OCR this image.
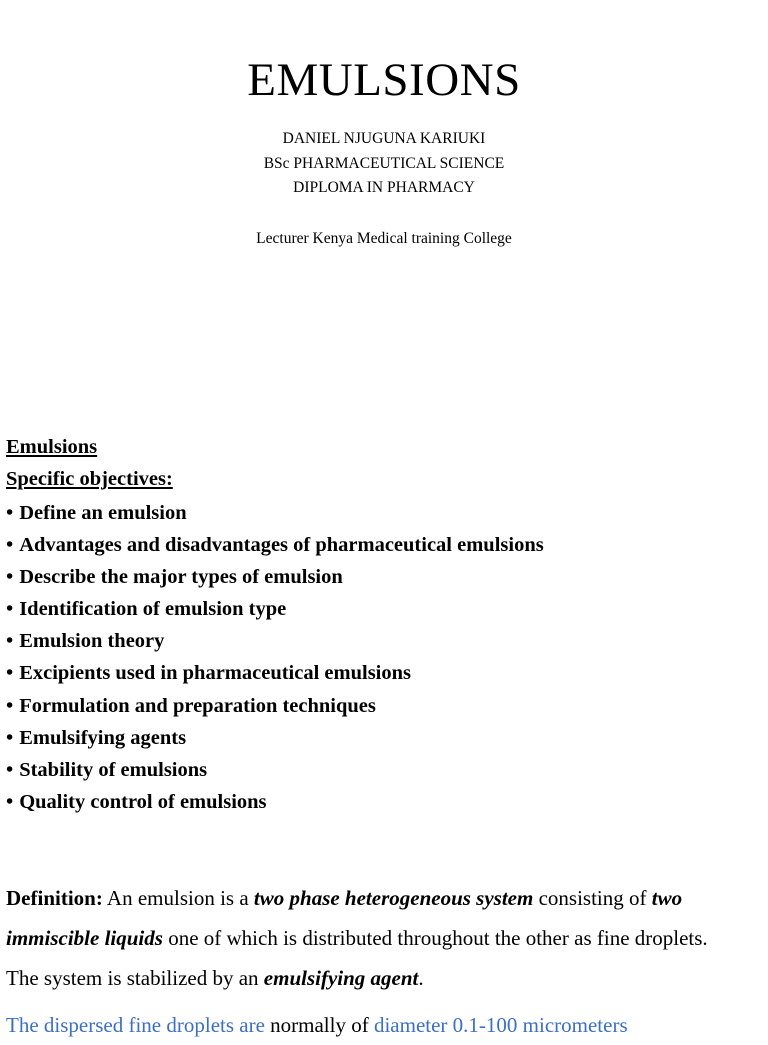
EMULSIONS
DANIEL NJUGUNA KARIUKI
BSc PHARMACEUTICAL SCIENCE
DIPLOMA IN PHARMACY
Lecturer Kenya Medical training College
Emulsions
Specific objectives:
• Define an emulsion
• Advantages and disadvantages of pharmaceutical emulsions
• Describe the major types of emulsion
• Identification of emulsion type
• Emulsion theory
• Excipients used in pharmaceutical emulsions
• Formulation and preparation techniques
• Emulsifying agents
• Stability of emulsions
• Quality control of emulsions
Definition: An emulsion is a two phase heterogeneous system consisting of two
immiscible liquids one of which is distributed throughout the other as fine droplets.
The system is stabilized by an emulsifying agent.
The dispersed fine droplets are normally of diameter 0.1-100 micrometers
